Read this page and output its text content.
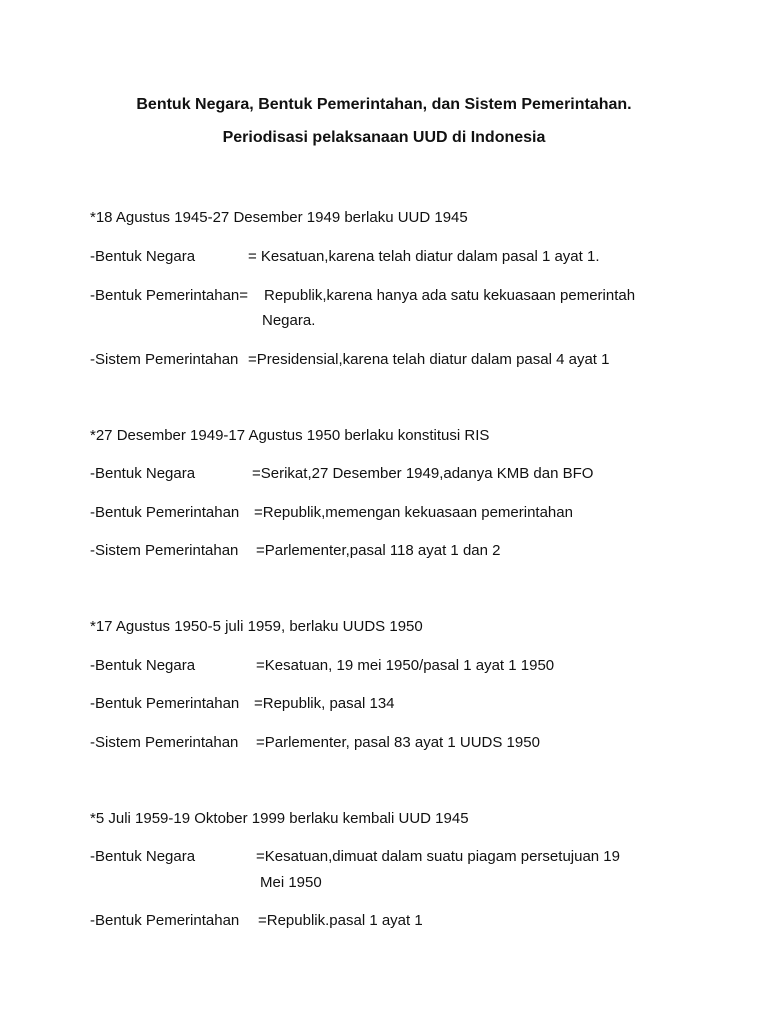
Bentuk Negara, Bentuk Pemerintahan, dan Sistem Pemerintahan.
Periodisasi pelaksanaan UUD di Indonesia
*18 Agustus 1945-27 Desember 1949 berlaku UUD 1945
-Bentuk Negara	= Kesatuan,karena telah diatur dalam pasal 1 ayat 1.
-Bentuk Pemerintahan= Republik,karena hanya ada satu kekuasaan pemerintah
Negara.
-Sistem Pemerintahan =Presidensial,karena telah diatur dalam pasal 4 ayat 1
*27 Desember 1949-17 Agustus 1950 berlaku konstitusi RIS
-Bentuk Negara	=Serikat,27 Desember 1949,adanya KMB dan BFO
-Bentuk Pemerintahan =Republik,memengan kekuasaan pemerintahan
-Sistem Pemerintahan =Parlementer,pasal 118 ayat 1 dan 2
*17 Agustus 1950-5 juli 1959, berlaku UUDS 1950
-Bentuk Negara	=Kesatuan, 19 mei 1950/pasal 1 ayat 1 1950
-Bentuk Pemerintahan =Republik, pasal 134
-Sistem Pemerintahan =Parlementer, pasal 83 ayat 1 UUDS 1950
*5 Juli 1959-19 Oktober 1999 berlaku kembali UUD 1945
-Bentuk Negara	=Kesatuan,dimuat dalam suatu piagam persetujuan 19
Mei 1950
-Bentuk Pemerintahan =Republik.pasal 1 ayat 1
